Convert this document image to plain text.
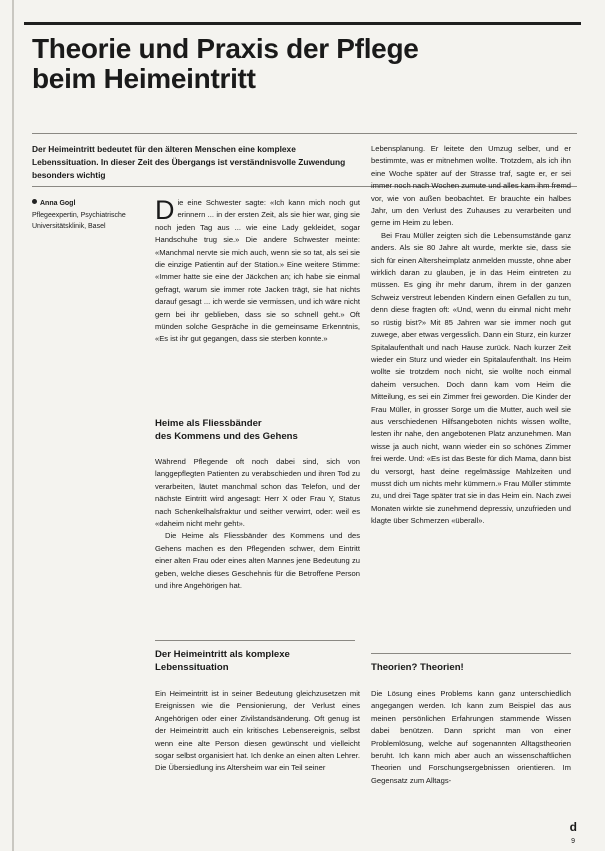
Theorie und Praxis der Pflege
beim Heimeintritt
Der Heimeintritt bedeutet für den älteren Menschen eine komplexe Lebenssituation. In dieser Zeit des Übergangs ist verständnisvolle Zuwendung besonders wichtig
Anna Gogl
Pflegeexpertin, Psychiatrische Universitätsklinik, Basel

Die eine Schwester sagte: «Ich kann mich noch gut erinnern ... in der ersten Zeit, als sie hier war, ging sie noch jeden Tag aus ... wie eine Lady gekleidet, sogar Handschuhe trug sie.» Die andere Schwester meinte: «Manchmal nervte sie mich auch, wenn sie so tat, als sei sie die einzige Patientin auf der Station.» Eine weitere Stimme: «Immer hatte sie eine der Jäckchen an; ich habe sie einmal gefragt, warum sie immer rote Jacken trägt, sie hat nichts darauf gesagt ... ich werde sie vermissen, und ich wäre nicht gern bei ihr geblieben, dass sie so schnell geht.» Oft münden solche Gespräche in die gemeinsame Erkenntnis, «Es ist ihr gut gegangen, dass sie sterben konnte.»

Heime als Fliessbänder
des Kommens und des Gehens

Während Pflegende oft noch dabei sind, sich von langgepflegten Patienten zu verabschieden und ihren Tod zu verarbeiten, läutet manchmal schon das Telefon, und der nächste Eintritt wird angesagt: Herr X oder Frau Y, Status nach Schenkelhalsfraktur und seither verwirrt, oder: weil es «daheim nicht mehr geht».

Die Heime als Fliessbänder des Kommens und des Gehens machen es den Pflegenden schwer, dem Eintritt einer alten Frau oder eines alten Mannes jene Bedeutung zu geben, welche dieses Geschehnis für die Betroffene Person und ihre Angehörigen hat.

Der Heimeintritt als komplexe
Lebenssituation

Ein Heimeintritt ist in seiner Bedeutung gleichzusetzen mit Ereignissen wie die Pensionierung, der Verlust eines Angehörigen oder einer Zivilstandsänderung. Oft genug ist der Heimeintritt auch ein kritisches Lebensereignis, selbst wenn eine alte Person diesen gewünscht und vielleicht sogar selbst organisiert hat. Ich denke an einen alten Lehrer. Die Übersiedlung ins Altersheim war ein Teil seiner

Lebensplanung. Er leitete den Umzug selber, und er bestimmte, was er mitnehmen wollte. Trotzdem, als ich ihn eine Woche später auf der Strasse traf, sagte er, er sei immer noch nach Wochen zumute und alles kam ihm fremd vor, wie von außen beobachtet. Er brauchte ein halbes Jahr, um den Verlust des Zuhauses zu verarbeiten und gerne im Heim zu leben.

Bei Frau Müller zeigten sich die Lebensumstände ganz anders. Als sie 80 Jahre alt wurde, merkte sie, dass sie sich für einen Altersheimplatz anmelden musste, ohne aber wirklich daran zu glauben, je in das Heim eintreten zu müssen. Es ging ihr mehr darum, ihrem in der ganzen Schweiz verstreut lebenden Kindern einen Gefallen zu tun, denn diese fragten oft: «Und, wenn du einmal nicht mehr so rüstig bist?» Mit 85 Jahren war sie immer noch gut zuwege, aber etwas vergesslich. Dann ein Sturz, ein kurzer Spitalaufenthalt und nach Hause zurück. Nach kurzer Zeit wieder ein Sturz und wieder ein Spitalaufenthalt. Ins Heim wollte sie trotzdem noch nicht, sie wollte noch einmal daheim versuchen. Doch dann kam vom Heim die Mitteilung, es sei ein Zimmer frei geworden. Die Kinder der Frau Müller, in grosser Sorge um die Mutter, auch weil sie aus verschiedenen Hilfsangeboten nichts wissen wollte, lesten ihr nahe, den angebotenen Platz anzunehmen. Man wisse ja auch nicht, wann wieder ein so schönes Zimmer frei werde. Und: «Es ist das Beste für dich Mama, dann bist du versorgt, hast deine regelmässige Mahlzeiten und musst dich um nichts mehr kümmern.» Frau Müller stimmte zu, und drei Tage später trat sie in das Heim ein. Nach zwei Monaten wirkte sie zunehmend depressiv, unzufrieden und klagte über Schmerzen «überall».

Theorien? Theorien!

Die Lösung eines Problems kann ganz unterschiedlich angegangen werden. Ich kann zum Beispiel das aus meinen persönlichen Erfahrungen stammende Wissen dabei benützen. Dann spricht man von einer Problemlösung, welche auf sogenannten Alltagstheorien beruht. Ich kann mich aber auch an wissenschaftlichen Theorien und Forschungsergebnissen orientieren. Im Gegensatz zum Alltags-

d
9
